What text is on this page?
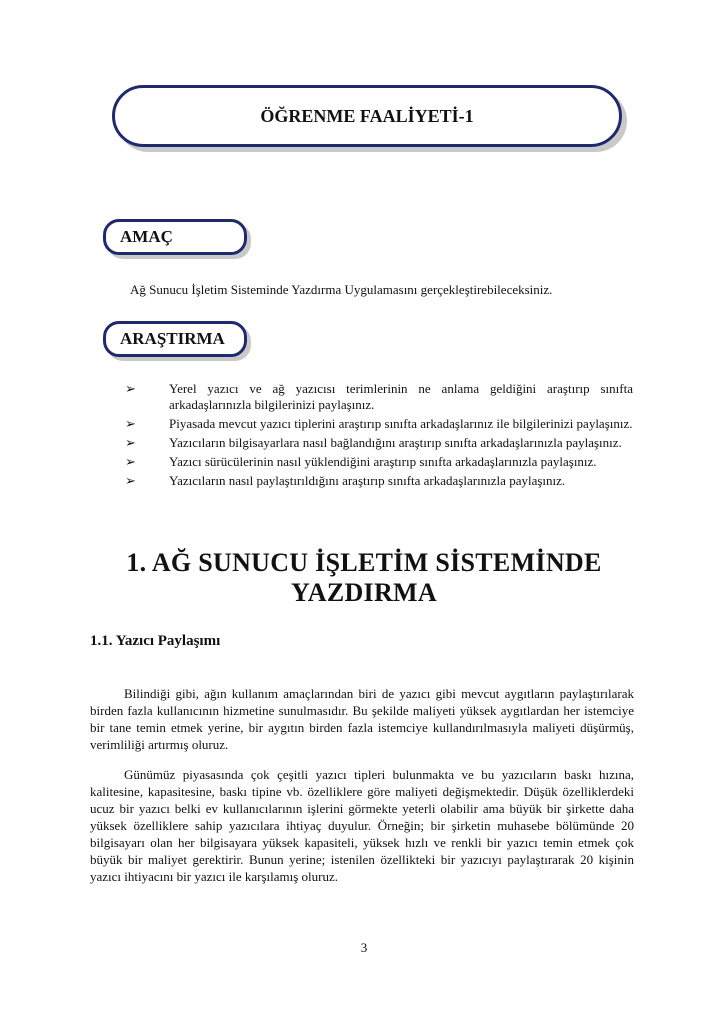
ÖĞRENME FAALİYETİ-1
AMAÇ
Ağ Sunucu İşletim Sisteminde Yazdırma Uygulamasını gerçekleştirebileceksiniz.
ARAŞTIRMA
➢	Yerel yazıcı ve ağ yazıcısı terimlerinin ne anlama geldiğini araştırıp sınıfta arkadaşlarınızla bilgilerinizi paylaşınız.
➢	Piyasada mevcut yazıcı tiplerini araştırıp sınıfta arkadaşlarınız ile bilgilerinizi paylaşınız.
➢	Yazıcıların bilgisayarlara nasıl bağlandığını araştırıp sınıfta arkadaşlarınızla paylaşınız.
➢	Yazıcı sürücülerinin nasıl yüklendiğini araştırıp sınıfta arkadaşlarınızla paylaşınız.
➢	Yazıcıların nasıl paylaştırıldığını araştırıp sınıfta arkadaşlarınızla paylaşınız.
1. AĞ SUNUCU İŞLETİM SİSTEMİNDE
YAZDIRMA
1.1. Yazıcı Paylaşımı

Bilindiği gibi, ağın kullanım amaçlarından biri de yazıcı gibi mevcut aygıtların paylaştırılarak birden fazla kullanıcının hizmetine sunulmasıdır. Bu şekilde maliyeti yüksek aygıtlardan her istemciye bir tane temin etmek yerine, bir aygıtın birden fazla istemciye kullandırılmasıyla maliyeti düşürmüş, verimliliği artırmış oluruz.

Günümüz piyasasında çok çeşitli yazıcı tipleri bulunmakta ve bu yazıcıların baskı hızına, kalitesine, kapasitesine, baskı tipine vb. özelliklere göre maliyeti değişmektedir. Düşük özelliklerdeki ucuz bir yazıcı belki ev kullanıcılarının işlerini görmekte yeterli olabilir ama büyük bir şirkette daha yüksek özelliklere sahip yazıcılara ihtiyaç duyulur. Örneğin; bir şirketin muhasebe bölümünde 20 bilgisayarı olan her bilgisayara yüksek kapasiteli, yüksek hızlı ve renkli bir yazıcı temin etmek çok büyük bir maliyet gerektirir. Bunun yerine; istenilen özellikteki bir yazıcıyı paylaştırarak 20 kişinin yazıcı ihtiyacını bir yazıcı ile karşılamış oluruz.

3
